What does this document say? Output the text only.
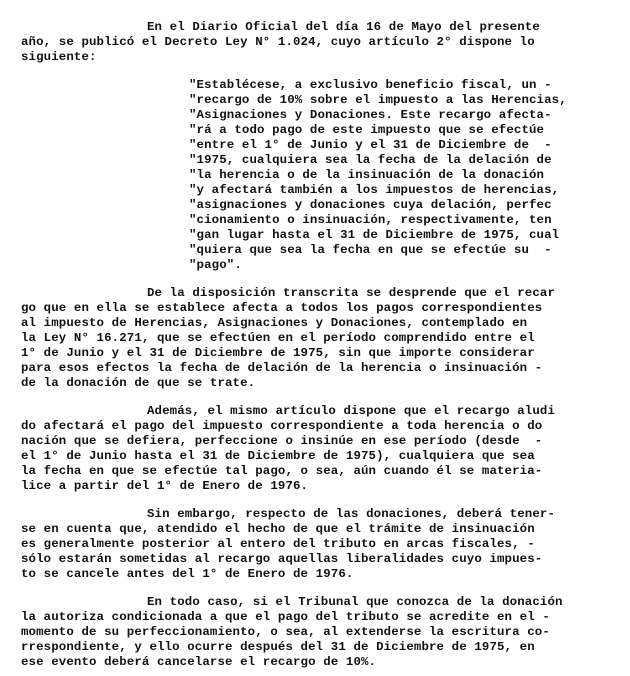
En el Diario Oficial del día 16 de Mayo del presente
año, se publicó el Decreto Ley N° 1.024, cuyo artículo 2° dispone lo
siguiente:
"Establécese, a exclusivo beneficio fiscal, un -
"recargo de 10% sobre el impuesto a las Herencias,
"Asignaciones y Donaciones. Este recargo afecta-
"rá a todo pago de este impuesto que se efectúe
"entre el 1° de Junio y el 31 de Diciembre de  -
"1975, cualquiera sea la fecha de la delación de
"la herencia o de la insinuación de la donación
"y afectará también a los impuestos de herencias,
"asignaciones y donaciones cuya delación, perfec
"cionamiento o insinuación, respectivamente, ten
"gan lugar hasta el 31 de Diciembre de 1975, cual
"quiera que sea la fecha en que se efectúe su  -
"pago".
De la disposición transcrita se desprende que el recar
go que en ella se establece afecta a todos los pagos correspondientes
al impuesto de Herencias, Asignaciones y Donaciones, contemplado en
la Ley N° 16.271, que se efectúen en el período comprendido entre el
1° de Junio y el 31 de Diciembre de 1975, sin que importe considerar
para esos efectos la fecha de delación de la herencia o insinuación -
de la donación de que se trate.
Además, el mismo artículo dispone que el recargo aludi
do afectará el pago del impuesto correspondiente a toda herencia o do
nación que se defiera, perfeccione o insinúe en ese período (desde  -
el 1° de Junio hasta el 31 de Diciembre de 1975), cualquiera que sea
la fecha en que se efectúe tal pago, o sea, aún cuando él se materia-
lice a partir del 1° de Enero de 1976.
Sin embargo, respecto de las donaciones, deberá tener-
se en cuenta que, atendido el hecho de que el trámite de insinuación
es generalmente posterior al entero del tributo en arcas fiscales, -
sólo estarán sometidas al recargo aquellas liberalidades cuyo impues-
to se cancele antes del 1° de Enero de 1976.
En todo caso, si el Tribunal que conozca de la donación
la autoriza condicionada a que el pago del tributo se acredite en el -
momento de su perfeccionamiento, o sea, al extenderse la escritura co-
rrespondiente, y ello ocurre después del 31 de Diciembre de 1975, en
ese evento deberá cancelarse el recargo de 10%.
